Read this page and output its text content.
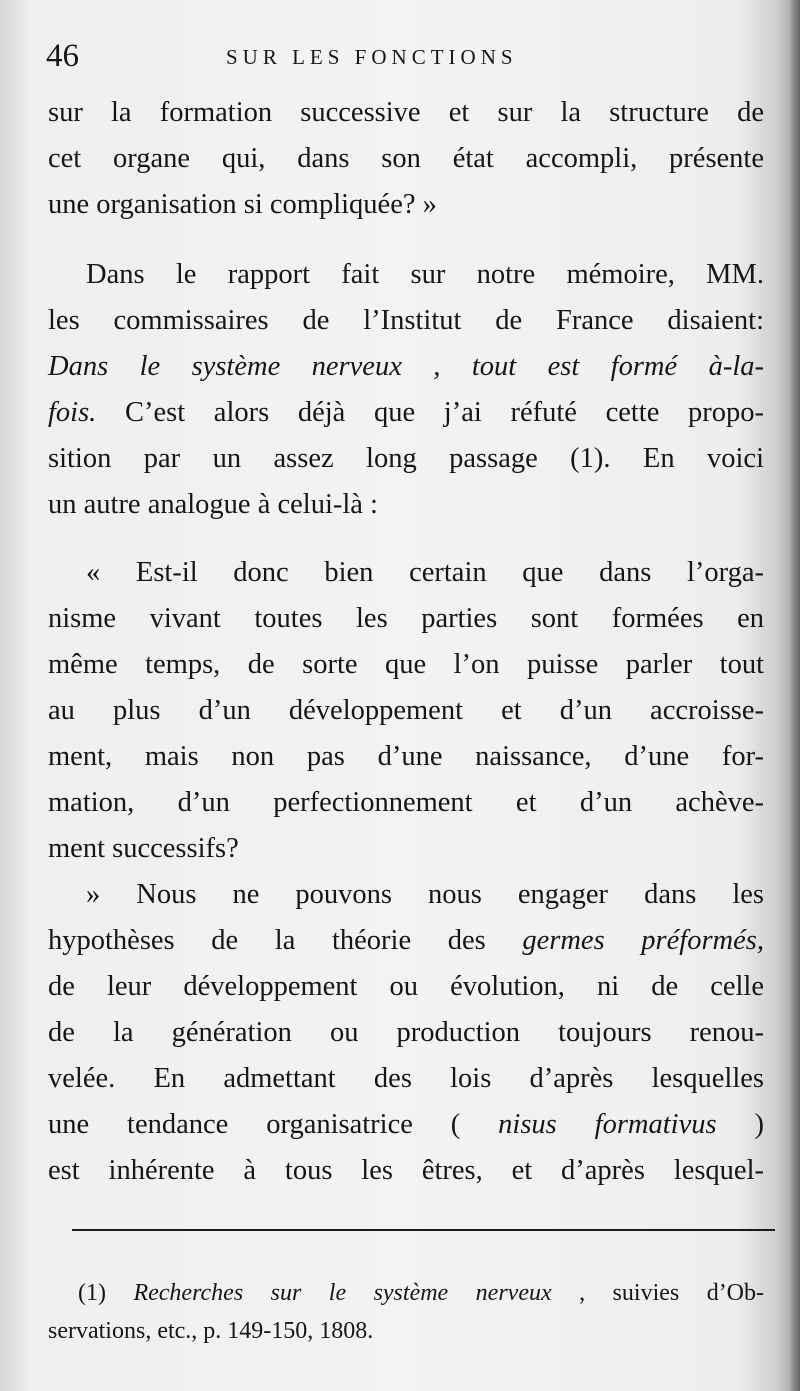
46	SUR LES FONCTIONS
sur la formation successive et sur la structure de
cet organe qui, dans son état accompli, présente
une organisation si compliquée? »
Dans le rapport fait sur notre mémoire, MM.
les commissaires de l’Institut de France disaient:
Dans le système nerveux , tout est formé à-la-
fois. C’est alors déjà que j’ai réfuté cette propo-
sition par un assez long passage (1). En voici
un autre analogue à celui-là :
« Est-il donc bien certain que dans l’orga-
nisme vivant toutes les parties sont formées en
même temps, de sorte que l’on puisse parler tout
au plus d’un développement et d’un accroisse-
ment, mais non pas d’une naissance, d’une for-
mation, d’un perfectionnement et d’un achève-
ment successifs?
» Nous ne pouvons nous engager dans les
hypothèses de la théorie des germes préformés,
de leur développement ou évolution, ni de celle
de la génération ou production toujours renou-
velée. En admettant des lois d’après lesquelles
une tendance organisatrice ( nisus formativus )
est inhérente à tous les êtres, et d’après lesquel-
(1) Recherches sur le système nerveux , suivies d’Ob-
servations, etc., p. 149-150, 1808.
